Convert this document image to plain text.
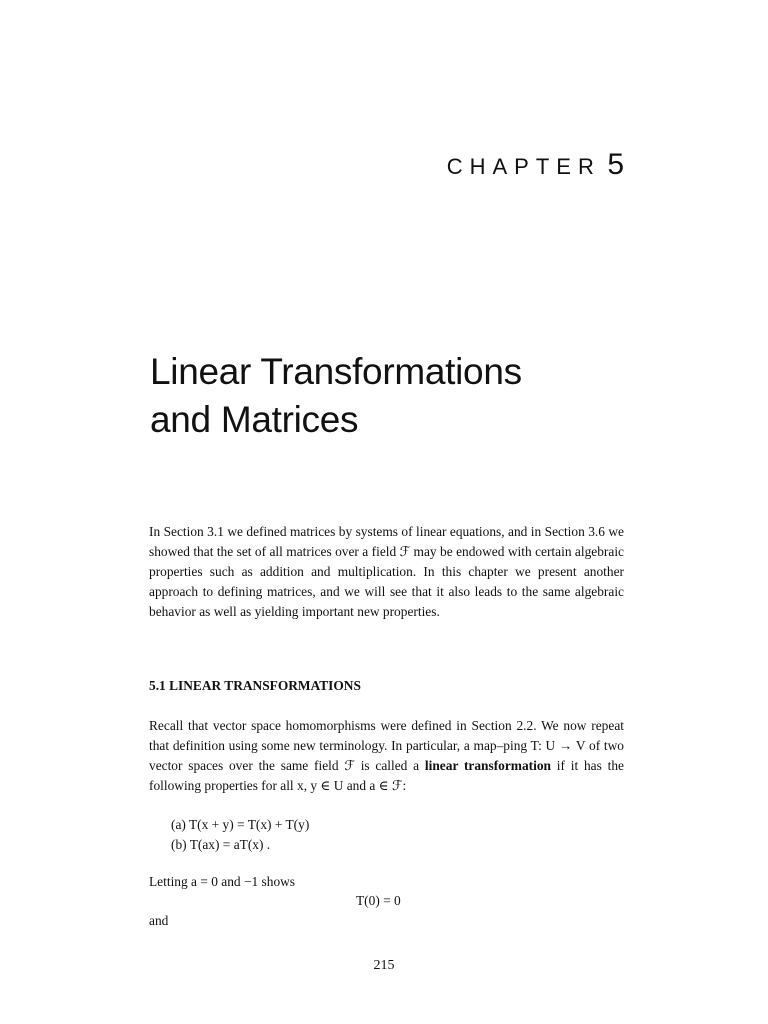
CHAPTER 5
Linear Transformations
and Matrices

In Section 3.1 we defined matrices by systems of linear equations, and in Section 3.6 we showed that the set of all matrices over a field ℱ may be endowed with certain algebraic properties such as addition and multiplication. In this chapter we present another approach to defining matrices, and we will see that it also leads to the same algebraic behavior as well as yielding important new properties.

5.1 LINEAR TRANSFORMATIONS

Recall that vector space homomorphisms were defined in Section 2.2. We now repeat that definition using some new terminology. In particular, a map–ping T: U → V of two vector spaces over the same field ℱ is called a linear transformation if it has the following properties for all x, y ∈ U and a ∈ ℱ:

(a) T(x + y) = T(x) + T(y)
(b) T(ax) = aT(x) .

Letting a = 0 and −1 shows

T(0) = 0

and

215
